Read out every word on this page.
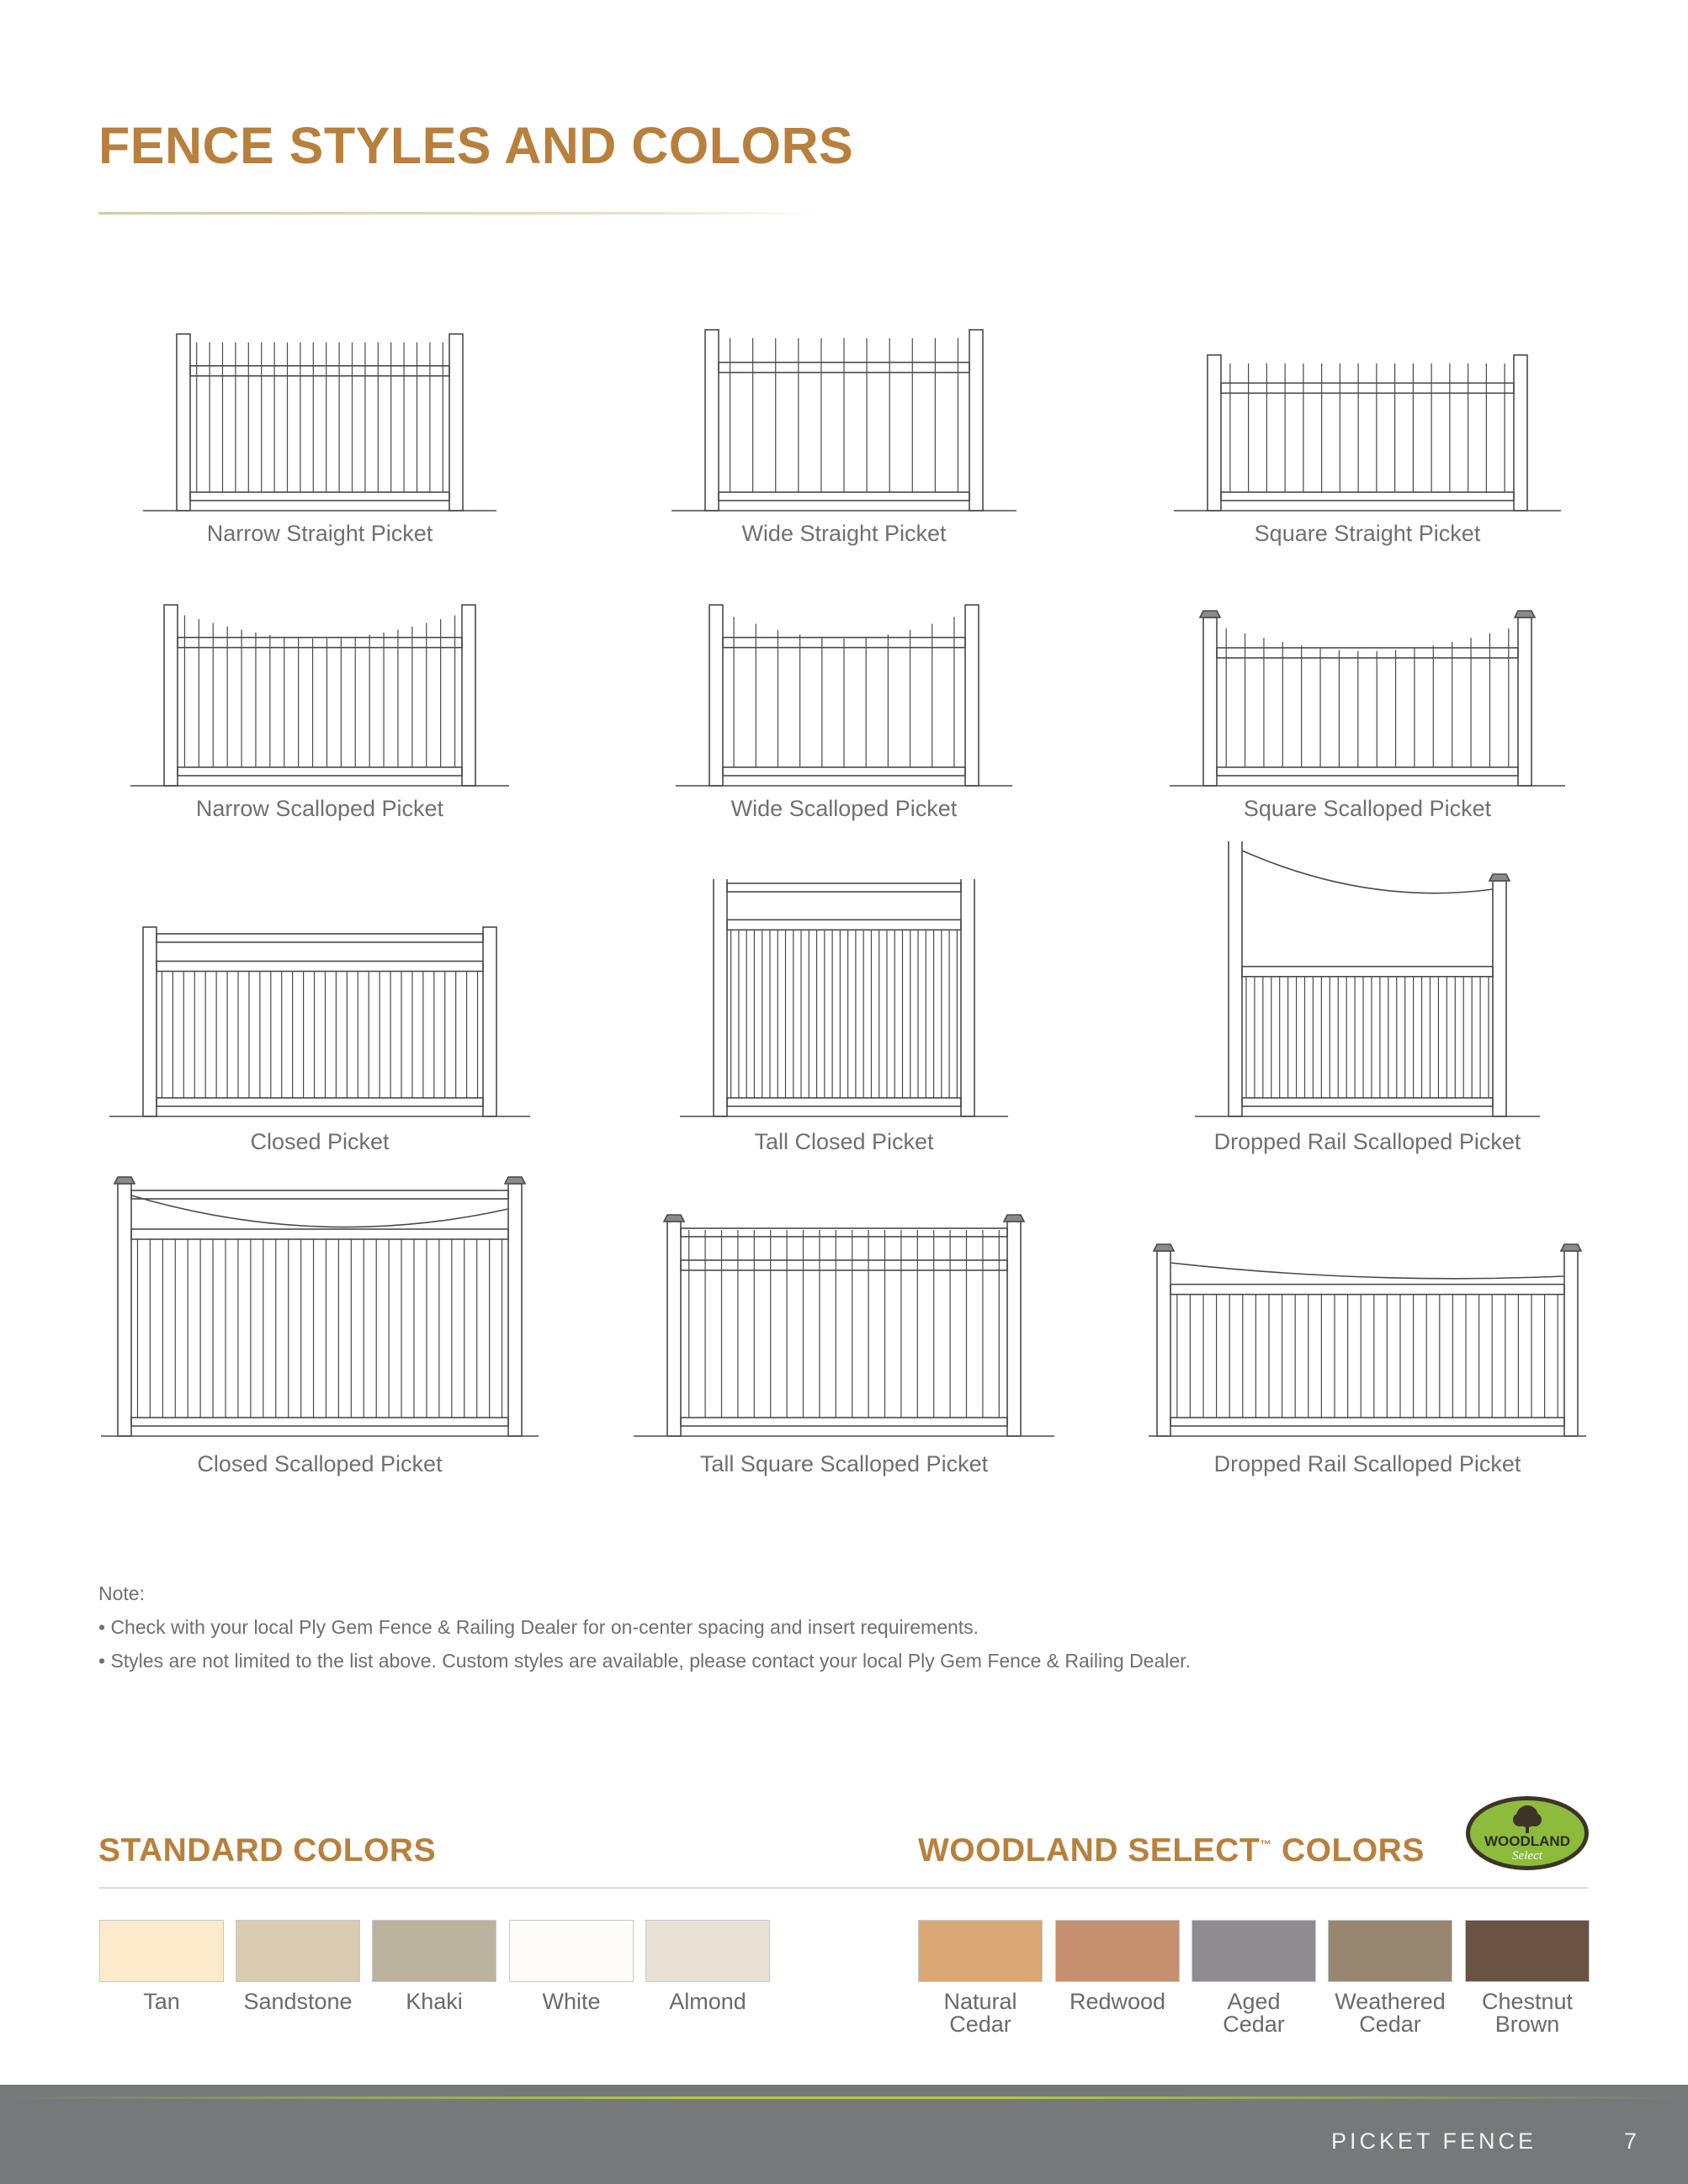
FENCE STYLES AND COLORS
Narrow Straight Picket	Wide Straight Picket	Square Straight Picket
Narrow Scalloped Picket	Wide Scalloped Picket	Square Scalloped Picket
Closed Picket	Tall Closed Picket	Dropped Rail Scalloped Picket
Closed Scalloped Picket	Tall Square Scalloped Picket	Dropped Rail Scalloped Picket

Note:

• Check with your local Ply Gem Fence & Railing Dealer for on-center spacing and insert requirements.

• Styles are not limited to the list above. Custom styles are available, please contact your local Ply Gem Fence & Railing Dealer.

STANDARD COLORS	WOODLAND SELECT™ COLORS	WOODLAND
Select
Tan	Sandstone	Khaki	White	Almond	Natural
Cedar
Redwood	Aged
Cedar
Weathered
Cedar
Chestnut
Brown
PICKET FENCE	7
